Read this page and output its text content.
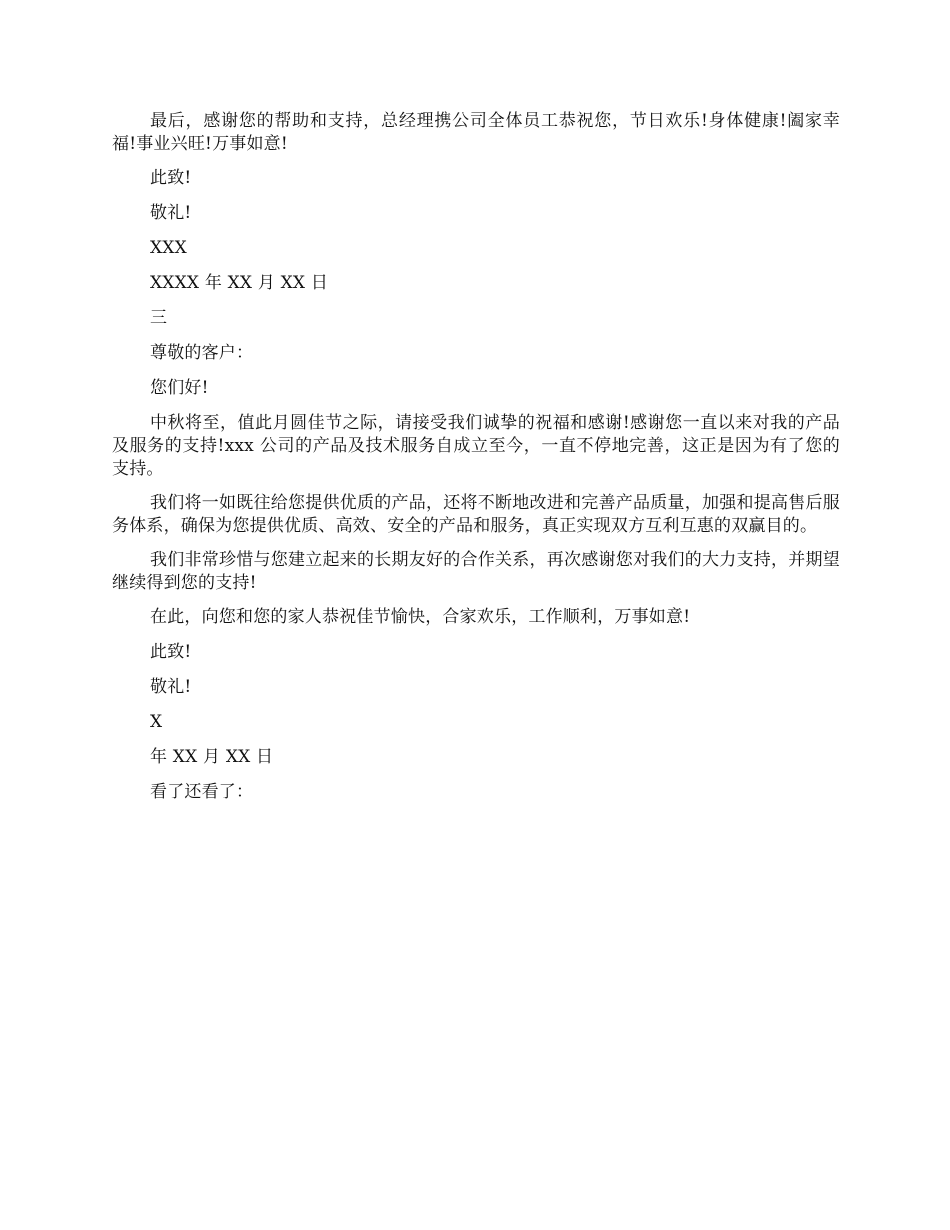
最后，感谢您的帮助和支持，总经理携公司全体员工恭祝您，节日欢乐!身体健康!阖家幸福!事业兴旺!万事如意!

此致!

敬礼!

XXX

XXXX 年 XX 月 XX 日

三

尊敬的客户：

您们好!

中秋将至，值此月圆佳节之际，请接受我们诚挚的祝福和感谢!感谢您一直以来对我的产品及服务的支持!xxx 公司的产品及技术服务自成立至今，一直不停地完善，这正是因为有了您的支持。

我们将一如既往给您提供优质的产品，还将不断地改进和完善产品质量，加强和提高售后服务体系，确保为您提供优质、高效、安全的产品和服务，真正实现双方互利互惠的双赢目的。

我们非常珍惜与您建立起来的长期友好的合作关系，再次感谢您对我们的大力支持，并期望继续得到您的支持!

在此，向您和您的家人恭祝佳节愉快，合家欢乐，工作顺利，万事如意!

此致!

敬礼!

X

年 XX 月 XX 日

看了还看了：
